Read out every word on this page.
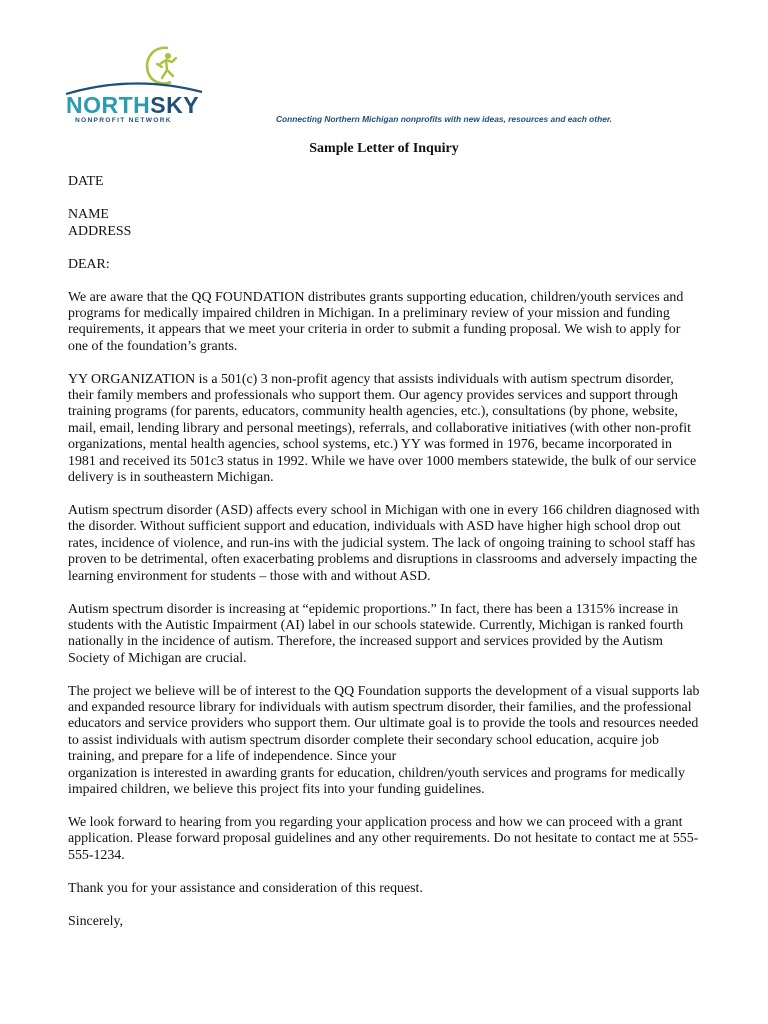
NORTHSKY
NONPROFIT NETWORK	Connecting Northern Michigan nonprofits with new ideas, resources and each other.
Sample Letter of Inquiry

DATE

NAME

ADDRESS

DEAR:

We are aware that the QQ FOUNDATION distributes grants supporting education, children/youth services and programs for medically impaired children in Michigan. In a preliminary review of your mission and funding requirements, it appears that we meet your criteria in order to submit a funding proposal. We wish to apply for one of the foundation’s grants.

YY ORGANIZATION is a 501(c) 3 non-profit agency that assists individuals with autism spectrum disorder, their family members and professionals who support them. Our agency provides services and support through training programs (for parents, educators, community health agencies, etc.), consultations (by phone, website, mail, email, lending library and personal meetings), referrals, and collaborative initiatives (with other non-profit organizations, mental health agencies, school systems, etc.) YY was formed in 1976, became incorporated in 1981 and received its 501c3 status in 1992. While we have over 1000 members statewide, the bulk of our service delivery is in southeastern Michigan.

Autism spectrum disorder (ASD) affects every school in Michigan with one in every 166 children diagnosed with the disorder. Without sufficient support and education, individuals with ASD have higher high school drop out rates, incidence of violence, and run-ins with the judicial system. The lack of ongoing training to school staff has proven to be detrimental, often exacerbating problems and disruptions in classrooms and adversely impacting the learning environment for students – those with and without ASD.

Autism spectrum disorder is increasing at “epidemic proportions.” In fact, there has been a 1315% increase in students with the Autistic Impairment (AI) label in our schools statewide. Currently, Michigan is ranked fourth nationally in the incidence of autism. Therefore, the increased support and services provided by the Autism Society of Michigan are crucial.

The project we believe will be of interest to the QQ Foundation supports the development of a visual supports lab and expanded resource library for individuals with autism spectrum disorder, their families, and the professional educators and service providers who support them. Our ultimate goal is to provide the tools and resources needed to assist individuals with autism spectrum disorder complete their secondary school education, acquire job training, and prepare for a life of independence. Since your

organization is interested in awarding grants for education, children/youth services and programs for medically impaired children, we believe this project fits into your funding guidelines.

We look forward to hearing from you regarding your application process and how we can proceed with a grant application. Please forward proposal guidelines and any other requirements. Do not hesitate to contact me at 555-555-1234.

Thank you for your assistance and consideration of this request.

Sincerely,
